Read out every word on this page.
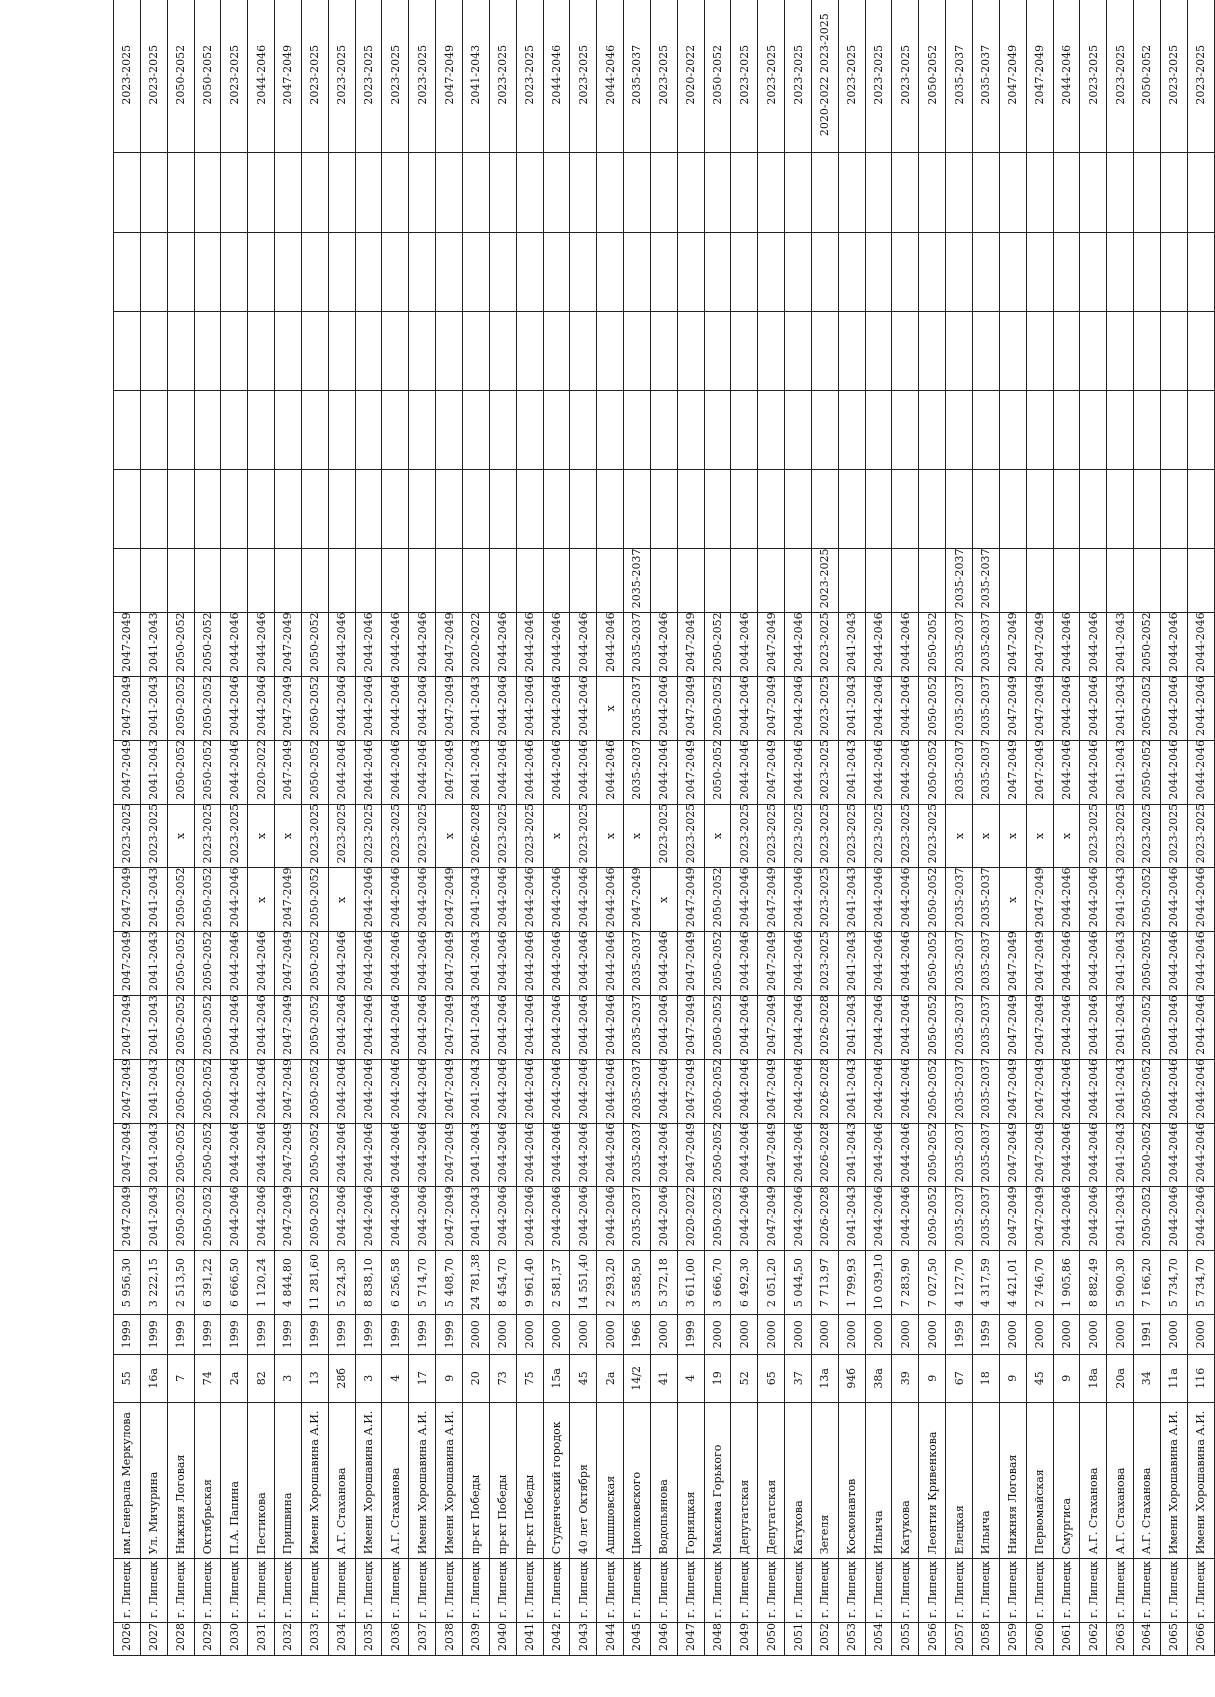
2026	г. Липецк	им.Генерала Меркулова	55	1999	5 956,30	2047-2049	2047-2049	2047-2049	2047-2049	2047-2049	2047-2049	2023-2025	2047-2049	2047-2049	2047-2049							2023-2025
2027	г. Липецк	Ул. Мичурина	16а	1999	3 222,15	2041-2043	2041-2043	2041-2043	2041-2043	2041-2043	2041-2043	2023-2025	2041-2043	2041-2043	2041-2043							2023-2025
2028	г. Липецк	Нижняя Логовая	7	1999	2 513,50	2050-2052	2050-2052	2050-2052	2050-2052	2050-2052	2050-2052	x	2050-2052	2050-2052	2050-2052							2050-2052
2029	г. Липецк	Октябрьская	74	1999	6 391,22	2050-2052	2050-2052	2050-2052	2050-2052	2050-2052	2050-2052	2023-2025	2050-2052	2050-2052	2050-2052							2050-2052
2030	г. Липецк	П.А. Папина	2а	1999	6 666,50	2044-2046	2044-2046	2044-2046	2044-2046	2044-2046	2044-2046	2023-2025	2044-2046	2044-2046	2044-2046							2023-2025
2031	г. Липецк	Пестикова	82	1999	1 120,24	2044-2046	2044-2046	2044-2046	2044-2046	2044-2046	x	x	2020-2022	2044-2046	2044-2046							2044-2046
2032	г. Липецк	Пришвина	3	1999	4 844,80	2047-2049	2047-2049	2047-2049	2047-2049	2047-2049	2047-2049	x	2047-2049	2047-2049	2047-2049							2047-2049
2033	г. Липецк	Имени Хорошавина А.И.	13	1999	11 281,60	2050-2052	2050-2052	2050-2052	2050-2052	2050-2052	2050-2052	2023-2025	2050-2052	2050-2052	2050-2052							2023-2025
2034	г. Липецк	А.Г. Стаханова	28б	1999	5 224,30	2044-2046	2044-2046	2044-2046	2044-2046	2044-2046	x	2023-2025	2044-2046	2044-2046	2044-2046							2023-2025
2035	г. Липецк	Имени Хорошавина А.И.	3	1999	8 838,10	2044-2046	2044-2046	2044-2046	2044-2046	2044-2046	2044-2046	2023-2025	2044-2046	2044-2046	2044-2046							2023-2025
2036	г. Липецк	А.Г. Стаханова	4	1999	6 256,58	2044-2046	2044-2046	2044-2046	2044-2046	2044-2046	2044-2046	2023-2025	2044-2046	2044-2046	2044-2046							2023-2025
2037	г. Липецк	Имени Хорошавина А.И.	17	1999	5 714,70	2044-2046	2044-2046	2044-2046	2044-2046	2044-2046	2044-2046	2023-2025	2044-2046	2044-2046	2044-2046							2023-2025
2038	г. Липецк	Имени Хорошавина А.И.	9	1999	5 408,70	2047-2049	2047-2049	2047-2049	2047-2049	2047-2049	2047-2049	x	2047-2049	2047-2049	2047-2049							2047-2049
2039	г. Липецк	пр-кт Победы	20	2000	24 781,38	2041-2043	2041-2043	2041-2043	2041-2043	2041-2043	2041-2043	2026-2028	2041-2043	2041-2043	2020-2022							2041-2043
2040	г. Липецк	пр-кт Победы	73	2000	8 454,70	2044-2046	2044-2046	2044-2046	2044-2046	2044-2046	2044-2046	2023-2025	2044-2046	2044-2046	2044-2046							2023-2025
2041	г. Липецк	пр-кт Победы	75	2000	9 961,40	2044-2046	2044-2046	2044-2046	2044-2046	2044-2046	2044-2046	2023-2025	2044-2046	2044-2046	2044-2046							2023-2025
2042	г. Липецк	Студенческий городок	15а	2000	2 581,37	2044-2046	2044-2046	2044-2046	2044-2046	2044-2046	2044-2046	x	2044-2046	2044-2046	2044-2046							2044-2046
2043	г. Липецк	40 лет Октября	45	2000	14 551,40	2044-2046	2044-2046	2044-2046	2044-2046	2044-2046	2044-2046	2023-2025	2044-2046	2044-2046	2044-2046							2023-2025
2044	г. Липецк	Ашшшовская	2а	2000	2 293,20	2044-2046	2044-2046	2044-2046	2044-2046	2044-2046	2044-2046	x	2044-2046	x	2044-2046							2044-2046
2045	г. Липецк	Циолковского	14/2	1966	3 558,50	2035-2037	2035-2037	2035-2037	2035-2037	2035-2037	2047-2049	x	2035-2037	2035-2037	2035-2037	2035-2037						2035-2037
2046	г. Липецк	Водопьянова	41	2000	5 372,18	2044-2046	2044-2046	2044-2046	2044-2046	2044-2046	x	2023-2025	2044-2046	2044-2046	2044-2046							2023-2025
2047	г. Липецк	Горняцкая	4	1999	3 611,00	2020-2022	2047-2049	2047-2049	2047-2049	2047-2049	2047-2049	2023-2025	2047-2049	2047-2049	2047-2049							2020-2022
2048	г. Липецк	Максима Горького	19	2000	3 666,70	2050-2052	2050-2052	2050-2052	2050-2052	2050-2052	2050-2052	x	2050-2052	2050-2052	2050-2052							2050-2052
2049	г. Липецк	Депутатская	52	2000	6 492,30	2044-2046	2044-2046	2044-2046	2044-2046	2044-2046	2044-2046	2023-2025	2044-2046	2044-2046	2044-2046							2023-2025
2050	г. Липецк	Депутатская	65	2000	2 051,20	2047-2049	2047-2049	2047-2049	2047-2049	2047-2049	2047-2049	2023-2025	2047-2049	2047-2049	2047-2049							2023-2025
2051	г. Липецк	Катукова	37	2000	5 044,50	2044-2046	2044-2046	2044-2046	2044-2046	2044-2046	2044-2046	2023-2025	2044-2046	2044-2046	2044-2046							2023-2025
2052	г. Липецк	Зегеля	13а	2000	7 713,97	2026-2028	2026-2028	2026-2028	2026-2028	2023-2025	2023-2025	2023-2025	2023-2025	2023-2025	2023-2025	2023-2025						2020-2022 2023-2025
2053	г. Липецк	Космонавтов	94б	2000	1 799,93	2041-2043	2041-2043	2041-2043	2041-2043	2041-2043	2041-2043	2023-2025	2041-2043	2041-2043	2041-2043							2023-2025
2054	г. Липецк	Ильича	38а	2000	10 039,10	2044-2046	2044-2046	2044-2046	2044-2046	2044-2046	2044-2046	2023-2025	2044-2046	2044-2046	2044-2046							2023-2025
2055	г. Липецк	Катукова	39	2000	7 283,90	2044-2046	2044-2046	2044-2046	2044-2046	2044-2046	2044-2046	2023-2025	2044-2046	2044-2046	2044-2046							2023-2025
2056	г. Липецк	Леонтия Кривенкова	9	2000	7 027,50	2050-2052	2050-2052	2050-2052	2050-2052	2050-2052	2050-2052	2023-2025	2050-2052	2050-2052	2050-2052							2050-2052
2057	г. Липецк	Елецкая	67	1959	4 127,70	2035-2037	2035-2037	2035-2037	2035-2037	2035-2037	2035-2037	x	2035-2037	2035-2037	2035-2037	2035-2037						2035-2037
2058	г. Липецк	Ильича	18	1959	4 317,59	2035-2037	2035-2037	2035-2037	2035-2037	2035-2037	2035-2037	x	2035-2037	2035-2037	2035-2037	2035-2037						2035-2037
2059	г. Липецк	Нижняя Логовая	9	2000	4 421,01	2047-2049	2047-2049	2047-2049	2047-2049	2047-2049	x	x	2047-2049	2047-2049	2047-2049							2047-2049
2060	г. Липецк	Первомайская	45	2000	2 746,70	2047-2049	2047-2049	2047-2049	2047-2049	2047-2049	2047-2049	x	2047-2049	2047-2049	2047-2049							2047-2049
2061	г. Липецк	Смургиса	9	2000	1 905,86	2044-2046	2044-2046	2044-2046	2044-2046	2044-2046	2044-2046	x	2044-2046	2044-2046	2044-2046							2044-2046
2062	г. Липецк	А.Г. Стаханова	18а	2000	8 882,49	2044-2046	2044-2046	2044-2046	2044-2046	2044-2046	2044-2046	2023-2025	2044-2046	2044-2046	2044-2046							2023-2025
2063	г. Липецк	А.Г. Стаханова	20а	2000	5 900,30	2041-2043	2041-2043	2041-2043	2041-2043	2041-2043	2041-2043	2023-2025	2041-2043	2041-2043	2041-2043							2023-2025
2064	г. Липецк	А.Г. Стаханова	34	1991	7 166,20	2050-2052	2050-2052	2050-2052	2050-2052	2050-2052	2050-2052	2023-2025	2050-2052	2050-2052	2050-2052							2050-2052
2065	г. Липецк	Имени Хорошавина А.И.	11а	2000	5 734,70	2044-2046	2044-2046	2044-2046	2044-2046	2044-2046	2044-2046	2023-2025	2044-2046	2044-2046	2044-2046							2023-2025
2066	г. Липецк	Имени Хорошавина А.И.	116	2000	5 734,70	2044-2046	2044-2046	2044-2046	2044-2046	2044-2046	2044-2046	2023-2025	2044-2046	2044-2046	2044-2046							2023-2025
